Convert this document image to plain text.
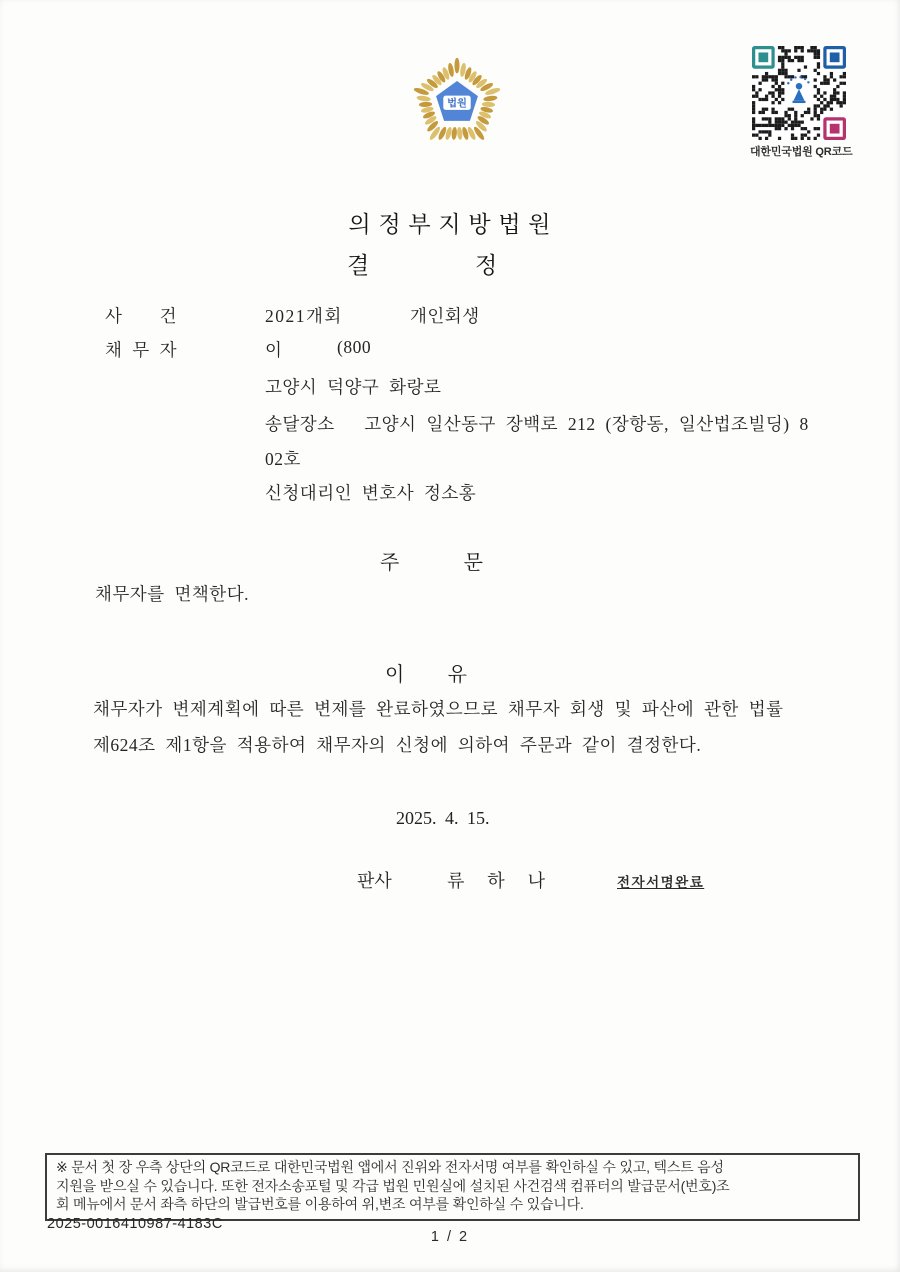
법원
대한민국법원 QR코드
의 정 부 지 방 법 원
결	정
사 건	2021개회	개인회생
채 무 자	이	(800
고양시 덕양구 화랑로
송달장소   고양시 일산동구 장백로 212 (장항동, 일산법조빌딩) 8
02호
신청대리인 변호사 정소홍
주	문
채무자를 면책한다.
이 유
채무자가 변제계획에 따른 변제를 완료하였으므로 채무자 회생 및 파산에 관한 법률
제624조 제1항을 적용하여 채무자의 신청에 의하여 주문과 같이 결정한다.
2025. 4. 15.
판사	류 하 나	전자서명완료
※ 문서 첫 장 우측 상단의 QR코드로 대한민국법원 앱에서 진위와 전자서명 여부를 확인하실 수 있고, 텍스트 음성
지원을 받으실 수 있습니다. 또한 전자소송포털 및 각급 법원 민원실에 설치된 사건검색 컴퓨터의 발급문서(번호)조
회 메뉴에서 문서 좌측 하단의 발급번호를 이용하여 위,변조 여부를 확인하실 수 있습니다.
2025-0016410987-4183C
1 / 2
